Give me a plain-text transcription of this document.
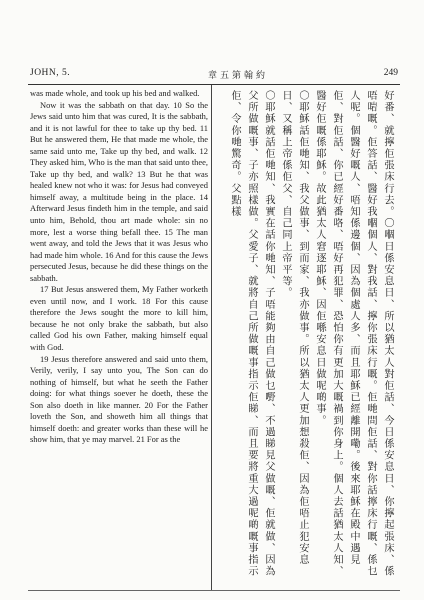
JOHN, 5.	章五第翰約	249

was made whole, and took up his bed and walked.

Now it was the sabbath on that day. 10 So the Jews said unto him that was cured, It is the sabbath, and it is not lawful for thee to take up thy bed. 11 But he answered them, He that made me whole, the same said unto me, Take up thy bed, and walk. 12 They asked him, Who is the man that said unto thee, Take up thy bed, and walk? 13 But he that was healed knew not who it was: for Jesus had conveyed himself away, a multitude being in the place. 14 Afterward Jesus findeth him in the temple, and said unto him, Behold, thou art made whole: sin no more, lest a worse thing befall thee. 15 The man went away, and told the Jews that it was Jesus who had made him whole. 16 And for this cause the Jews persecuted Jesus, because he did these things on the sabbath.

17 But Jesus answered them, My Father worketh even until now, and I work. 18 For this cause therefore the Jews sought the more to kill him, because he not only brake the sabbath, but also called God his own Father, making himself equal with God.

19 Jesus therefore answered and said unto them, Verily, verily, I say unto you, The Son can do nothing of himself, but what he seeth the Father doing: for what things soever he doeth, these the Son also doeth in like manner. 20 For the Father loveth the Son, and showeth him all things that himself doeth: and greater works than these will he show him, that ye may marvel. 21 For as the	好番、就擰佢張床行去。〇嗰日係安息日、所以猶太人對佢話、今日係安息日、你擰起張床、係唔啱嘅。佢答話、醫好我嗰個人、對我話、擰你張床行嘅。佢哋問佢話、對你話擰床行嘅、係乜人呢。個醫好嘅人、唔知係邊個、因為個處人多、而且耶穌已經離開嘞。後來耶穌在殿中遇見佢、對佢話、你已經好番咯、唔好再犯罪、恐怕你有更加大嘅禍到你身上。個人去話猶太人知、醫好佢嘅係耶穌。故此猶太人窘逐耶穌、因佢喺安息日做呢啲事。

〇耶穌話佢哋知、我父做事、到而家、我亦做事。所以猶太人更加想殺佢、因為佢唔止犯安息日、又稱上帝係佢父、自己同上帝平等。

〇耶穌就話佢哋知、我實在話你哋知、子唔能夠由自己做乜嘢、不過睇見父做嘅、佢就做、因為父所做嘅事、子亦照樣做。父愛子、就將自己所做嘅事指示佢睇、而且要將重大過呢啲嘅事指示佢、令你哋驚奇。父點樣
